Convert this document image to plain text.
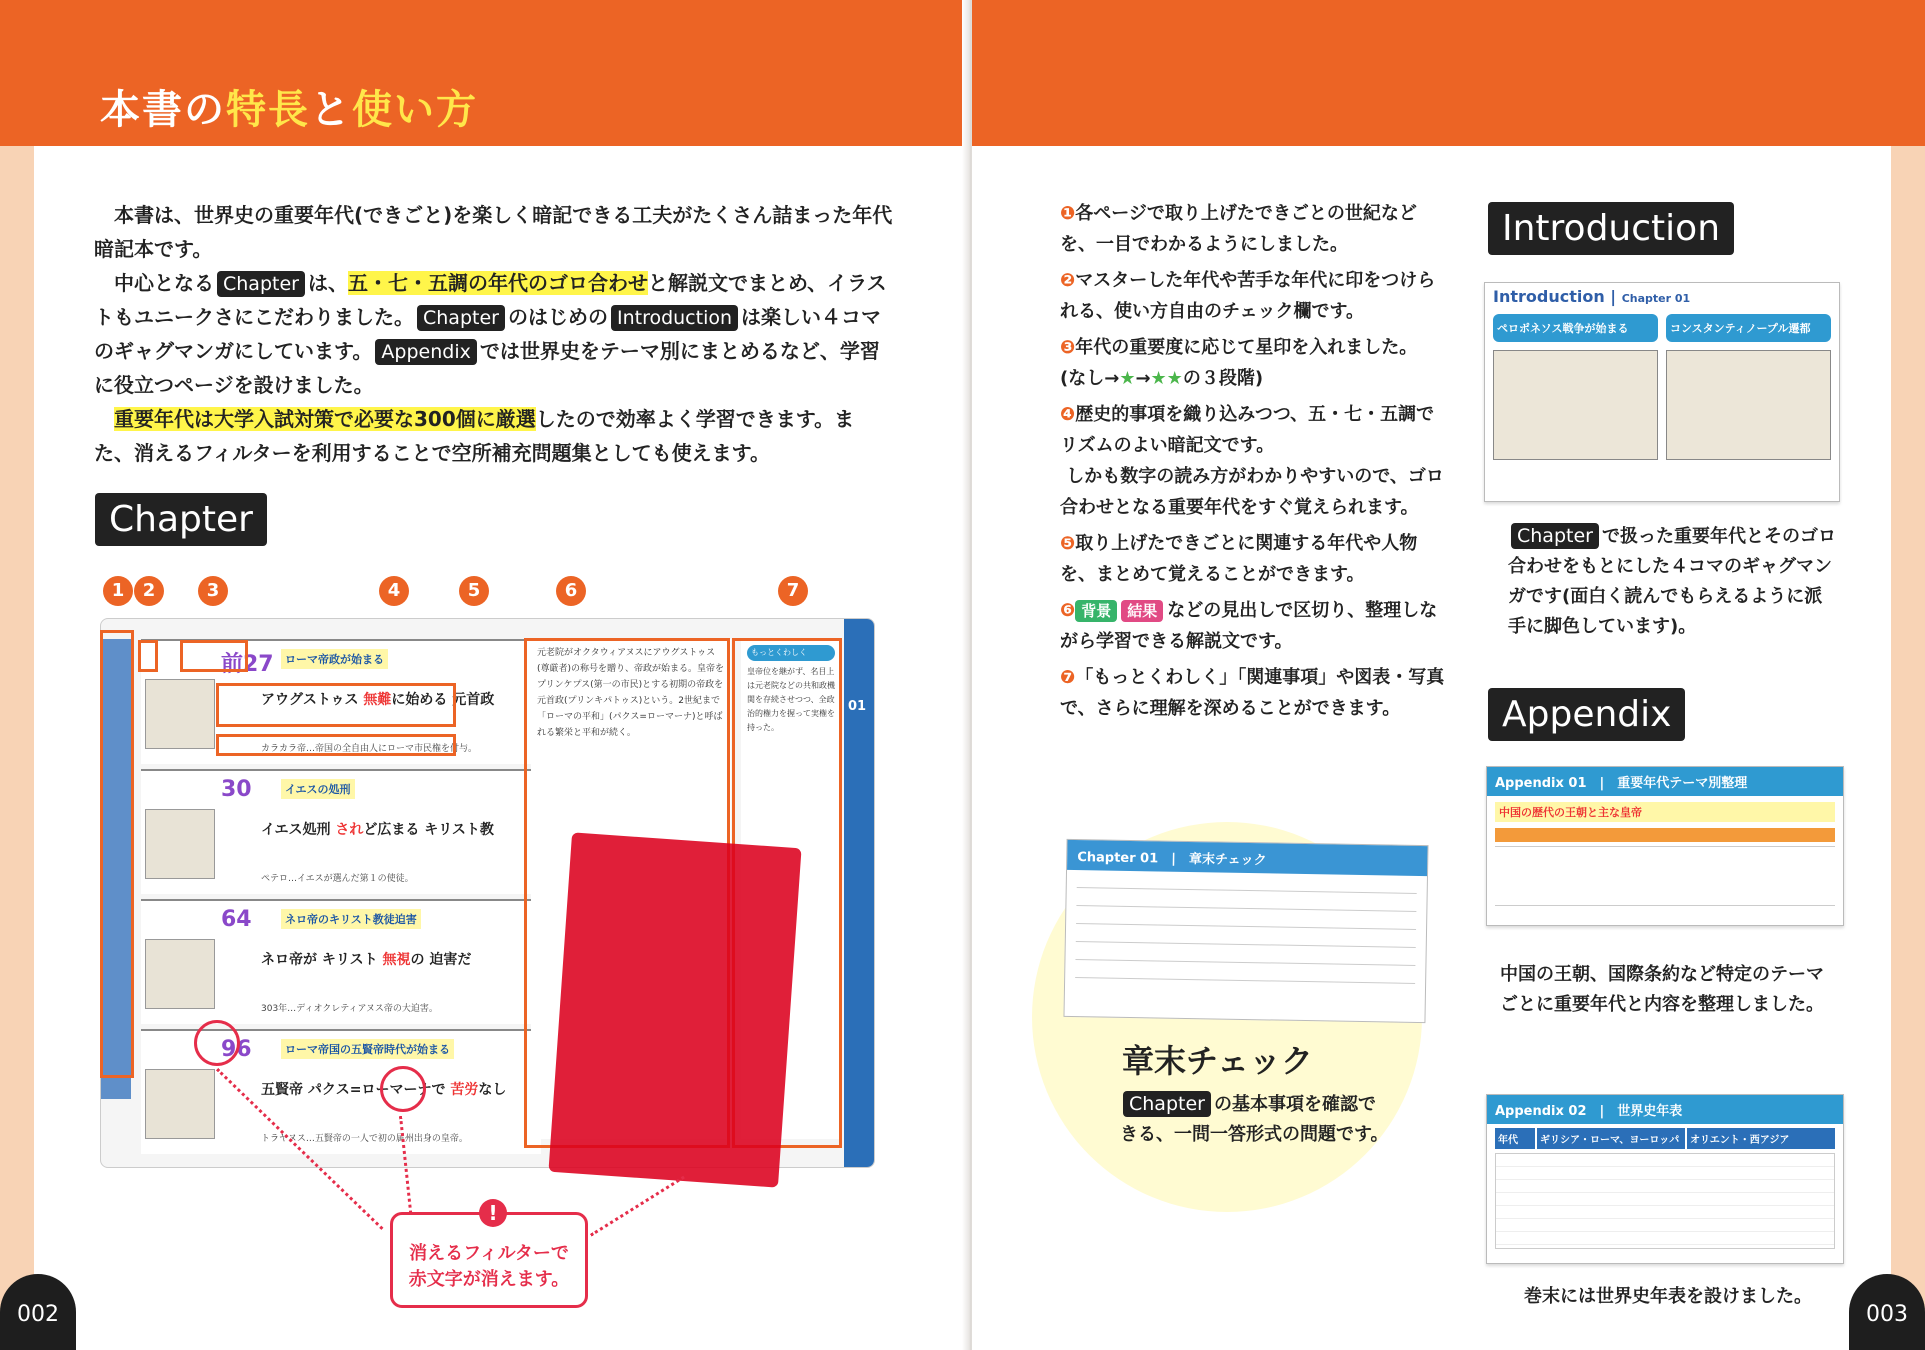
本書の特長と使い方

本書は、世界史の重要年代(できごと)を楽しく暗記できる工夫がたくさん詰まった年代暗記本です。

中心となる Chapter は、五・七・五調の年代のゴロ合わせと解説文でまとめ、イラストもユニークさにこだわりました。 Chapter のはじめの Introduction は楽しい４コマのギャグマンガにしています。 Appendix では世界史をテーマ別にまとめるなど、学習に役立つページを設けました。

重要年代は大学入試対策で必要な300個に厳選したので効率よく学習できます。また、消えるフィルターを利用することで空所補充問題集としても使えます。

Chapter
1	2	3	4	5	6	7
01
前27	ローマ帝政が始まる
アウグストゥス 無難に始める 元首政
カラカラ帝…帝国の全自由人にローマ市民権を付与。
30	イエスの処刑
イエス処刑 されど広まる キリスト教
ペテロ…イエスが選んだ第１の使徒。
64	ネロ帝のキリスト教徒迫害
ネロ帝が キリスト 無視の 迫害だ
303年…ディオクレティアヌス帝の大迫害。
96	ローマ帝国の五賢帝時代が始まる
五賢帝 パクス=ローマーナで 苦労なし
トラヤヌス…五賢帝の一人で初の属州出身の皇帝。
元老院がオクタウィアヌスにアウグストゥス(尊厳者)の称号を贈り、帝政が始まる。皇帝をプリンケプス(第一の市民)とする初期の帝政を元首政(プリンキパトゥス)という。2世紀まで「ローマの平和」(パクス=ローマーナ)と呼ばれる繁栄と平和が続く。
もっとくわしく
皇帝位を継がず、名目上は元老院などの共和政機関を存続させつつ、全政治的権力を握って実権を持った。
!
消えるフィルターで
赤文字が消えます。
002
❶各ページで取り上げたできごとの世紀などを、一目でわかるようにしました。
❷マスターした年代や苦手な年代に印をつけられる、使い方自由のチェック欄です。
❸年代の重要度に応じて星印を入れました。
(なし→★→★★の３段階)
❹歴史的事項を織り込みつつ、五・七・五調でリズムのよい暗記文です。
しかも数字の読み方がわかりやすいので、ゴロ合わせとなる重要年代をすぐ覚えられます。
❺取り上げたできごとに関連する年代や人物を、まとめて覚えることができます。
❻ 背景 結果 などの見出しで区切り、整理しながら学習できる解説文です。
❼「もっとくわしく」「関連事項」や図表・写真で、さらに理解を深めることができます。
Chapter 01　|　章末チェック
章末チェック
Chapter の基本事項を確認できる、一問一答形式の問題です。
Introduction
Introduction | Chapter 01
ペロポネソス戦争が始まる	コンスタンティノープル遷都
Chapter で扱った重要年代とそのゴロ合わせをもとにした４コマのギャグマンガです(面白く読んでもらえるように派手に脚色しています)。
Appendix
Appendix 01　|　重要年代テーマ別整理
中国の歴代の王朝と主な皇帝
中国の王朝、国際条約など特定のテーマごとに重要年代と内容を整理しました。
Appendix 02　|　世界史年表
年代	ギリシア・ローマ、ヨーロッパ	オリエント・西アジア
巻末には世界史年表を設けました。
003
